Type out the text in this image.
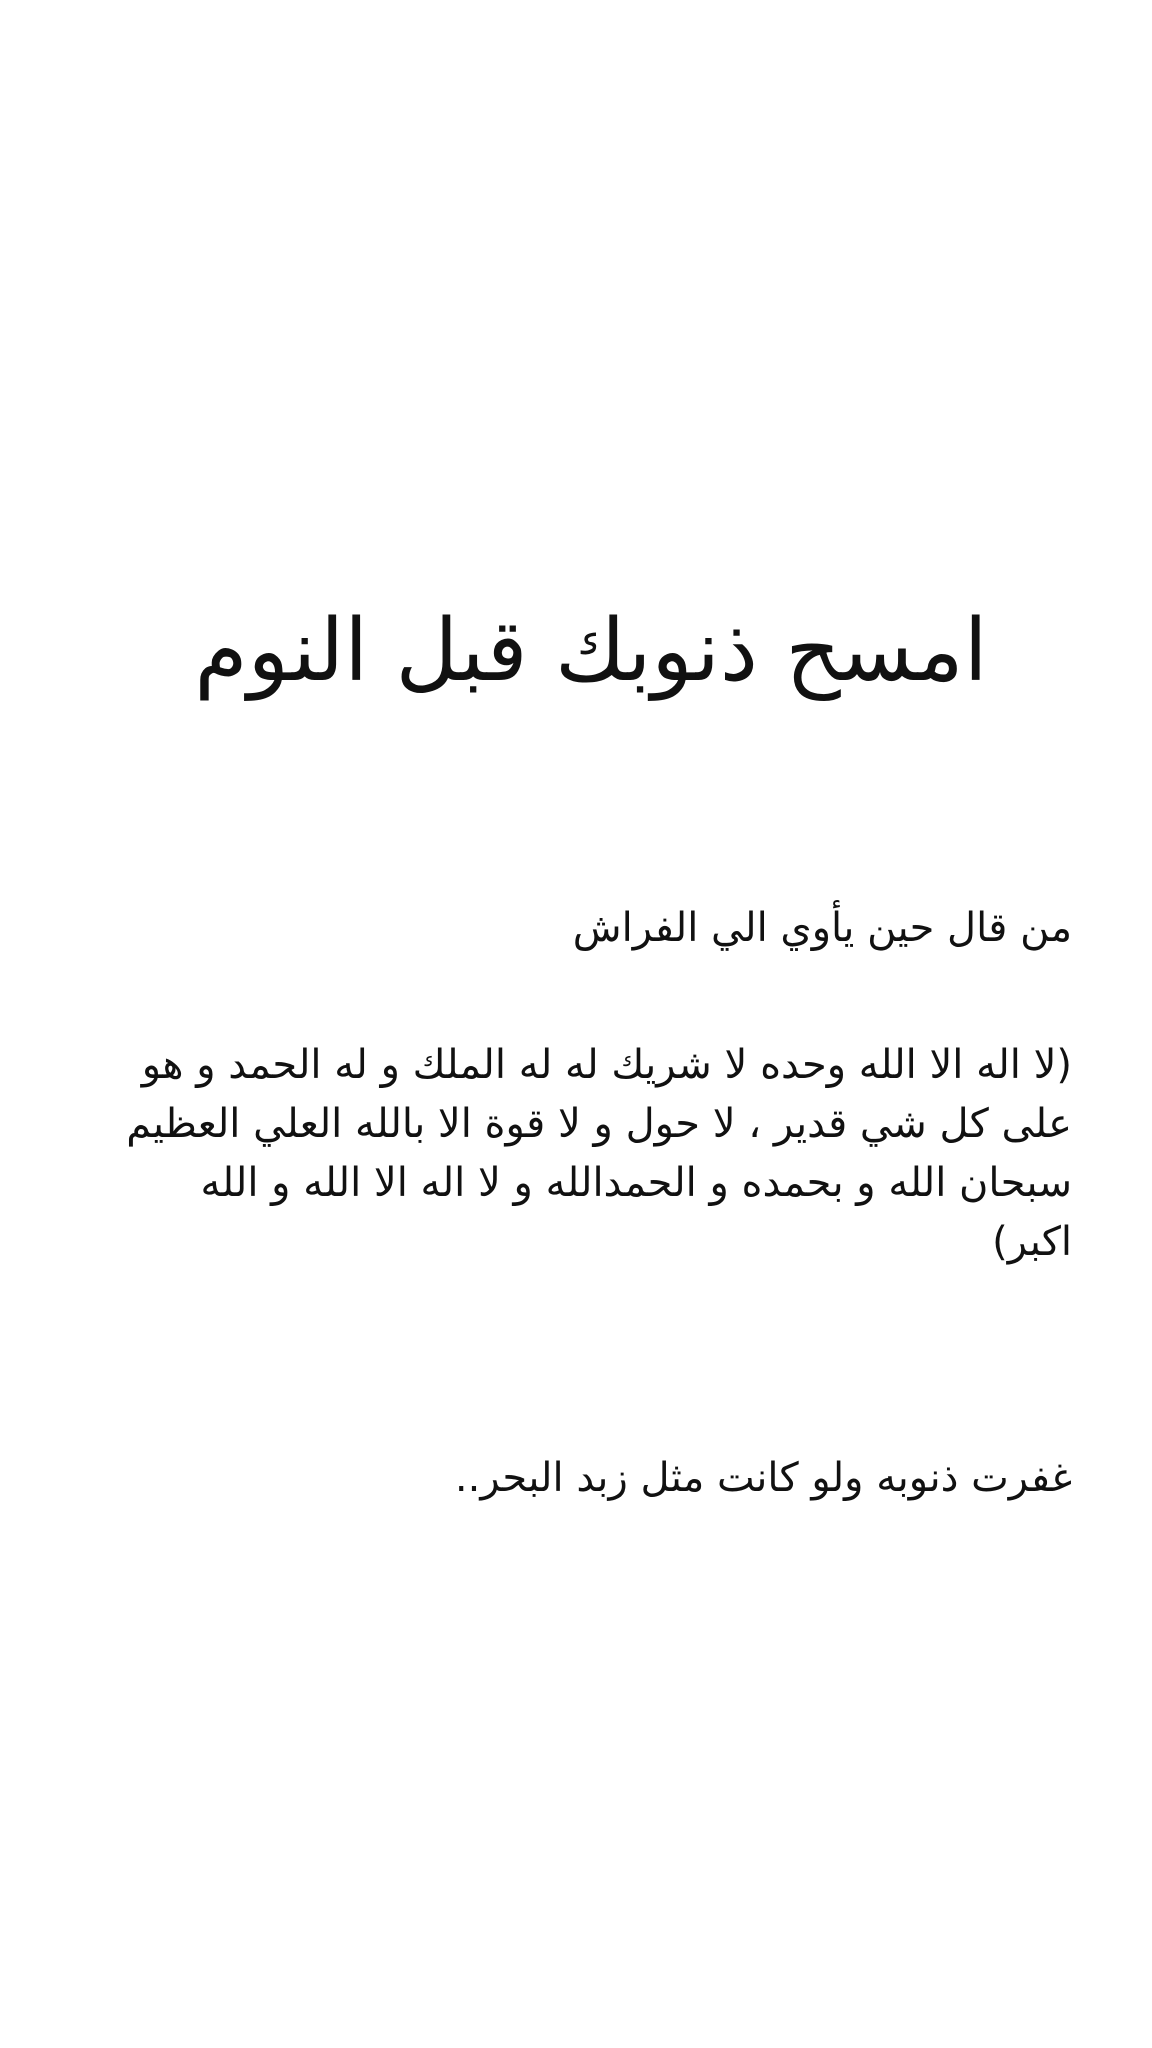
امسح ذنوبك قبل النوم

من قال حين يأوي الي الفراش

(لا اله الا الله وحده لا شريك له له الملك و له الحمد و هو
على كل شي قدير ، لا حول و لا قوة الا بالله العلي العظيم
سبحان الله و بحمده و الحمدالله و لا اله الا الله و الله
اكبر)

غفرت ذنوبه ولو كانت مثل زبد البحر..
